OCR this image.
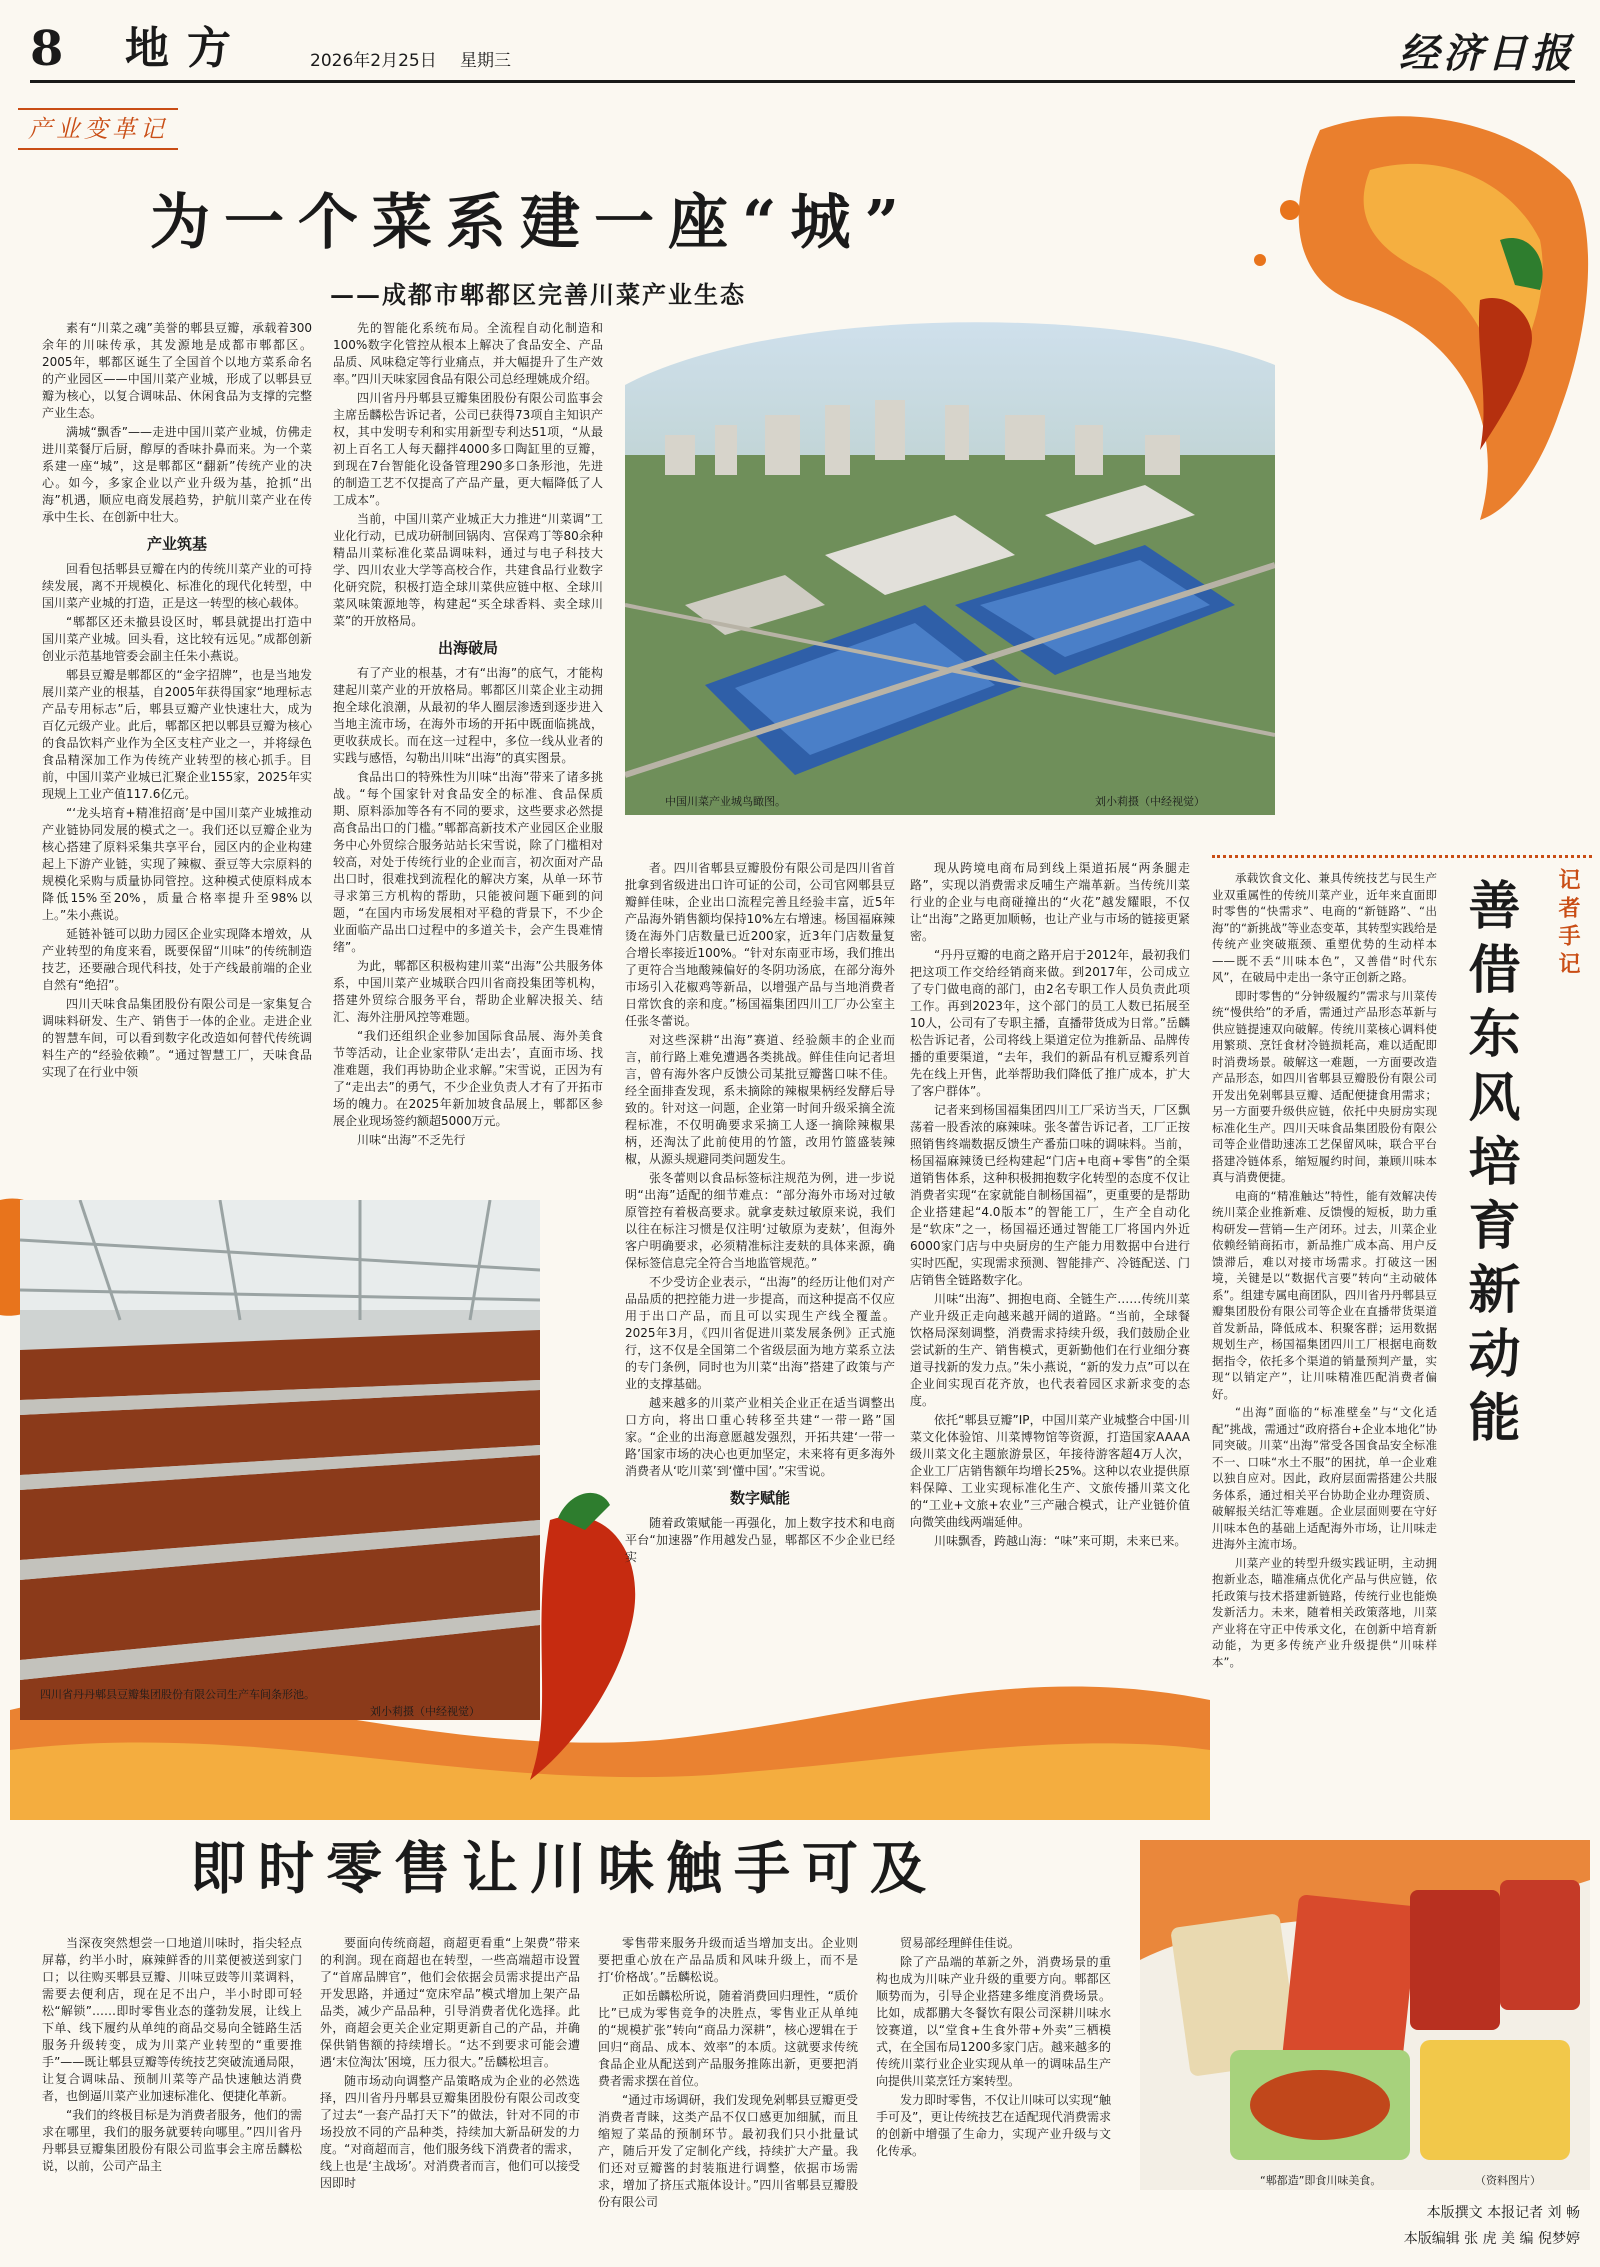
8 地方	2026年2月25日 星期三	经济日报
产业变革记
为一个菜系建一座“城”
——成都市郫都区完善川菜产业生态
中国川菜产业城鸟瞰图。	刘小莉摄（中经视觉）

素有“川菜之魂”美誉的郫县豆瓣，承载着300余年的川味传承，其发源地是成都市郫都区。2005年，郫都区诞生了全国首个以地方菜系命名的产业园区——中国川菜产业城，形成了以郫县豆瓣为核心，以复合调味品、休闲食品为支撑的完整产业生态。

满城“飘香”——走进中国川菜产业城，仿佛走进川菜餐厅后厨，醇厚的香味扑鼻而来。为一个菜系建一座“城”，这是郫都区“翻新”传统产业的决心。如今，多家企业以产业升级为基，抢抓“出海”机遇，顺应电商发展趋势，护航川菜产业在传承中生长、在创新中壮大。

产业筑基

回看包括郫县豆瓣在内的传统川菜产业的可持续发展，离不开规模化、标准化的现代化转型，中国川菜产业城的打造，正是这一转型的核心载体。

“郫都区还未撤县设区时，郫县就提出打造中国川菜产业城。回头看，这比较有远见。”成都创新创业示范基地管委会副主任朱小燕说。

郫县豆瓣是郫都区的“金字招牌”，也是当地发展川菜产业的根基，自2005年获得国家“地理标志产品专用标志”后，郫县豆瓣产业快速壮大，成为百亿元级产业。此后，郫都区把以郫县豆瓣为核心的食品饮料产业作为全区支柱产业之一，并将绿色食品精深加工作为传统产业转型的核心抓手。目前，中国川菜产业城已汇聚企业155家，2025年实现规上工业产值117.6亿元。

“‘龙头培育+精准招商’是中国川菜产业城推动产业链协同发展的模式之一。我们还以豆瓣企业为核心搭建了原料采集共享平台，园区内的企业构建起上下游产业链，实现了辣椒、蚕豆等大宗原料的规模化采购与质量协同管控。这种模式使原料成本降低15%至20%，质量合格率提升至98%以上。”朱小燕说。

延链补链可以助力园区企业实现降本增效，从产业转型的角度来看，既要保留“川味”的传统制造技艺，还要融合现代科技，处于产线最前端的企业自然有“绝招”。

四川天味食品集团股份有限公司是一家集复合调味料研发、生产、销售于一体的企业。走进企业的智慧车间，可以看到数字化改造如何替代传统调料生产的“经验依赖”。“通过智慧工厂，天味食品实现了在行业中领

先的智能化系统布局。全流程自动化制造和100%数字化管控从根本上解决了食品安全、产品品质、风味稳定等行业痛点，并大幅提升了生产效率。”四川天味家园食品有限公司总经理姚成介绍。

四川省丹丹郫县豆瓣集团股份有限公司监事会主席岳麟松告诉记者，公司已获得73项自主知识产权，其中发明专利和实用新型专利达51项，“从最初上百名工人每天翻拌4000多口陶缸里的豆瓣，到现在7台智能化设备管理290多口条形池，先进的制造工艺不仅提高了产品产量，更大幅降低了人工成本”。

当前，中国川菜产业城正大力推进“川菜调”工业化行动，已成功研制回锅肉、宫保鸡丁等80余种精品川菜标准化菜品调味料，通过与电子科技大学、四川农业大学等高校合作，共建食品行业数字化研究院，积极打造全球川菜供应链中枢、全球川菜风味策源地等，构建起“买全球香料、卖全球川菜”的开放格局。

出海破局

有了产业的根基，才有“出海”的底气，才能构建起川菜产业的开放格局。郫都区川菜企业主动拥抱全球化浪潮，从最初的华人圈层渗透到逐步进入当地主流市场，在海外市场的开拓中既面临挑战，更收获成长。而在这一过程中，多位一线从业者的实践与感悟，勾勒出川味“出海”的真实图景。

食品出口的特殊性为川味“出海”带来了诸多挑战。“每个国家针对食品安全的标准、食品保质期、原料添加等各有不同的要求，这些要求必然提高食品出口的门槛。”郫都高新技术产业园区企业服务中心外贸综合服务站站长宋雪说，除了门槛相对较高，对处于传统行业的企业而言，初次面对产品出口时，很难找到流程化的解决方案，从单一环节寻求第三方机构的帮助，只能被问题下砸到的问题，“在国内市场发展相对平稳的背景下，不少企业面临产品出口过程中的多道关卡，会产生畏难情绪”。

为此，郫都区积极构建川菜“出海”公共服务体系，中国川菜产业城联合四川省商投集团等机构，搭建外贸综合服务平台，帮助企业解决报关、结汇、海外注册风控等难题。

“我们还组织企业参加国际食品展、海外美食节等活动，让企业家带队‘走出去’，直面市场、找准难题，我们再协助企业求解。”宋雪说，正因为有了“走出去”的勇气，不少企业负责人才有了开拓市场的魄力。在2025年新加坡食品展上，郫都区参展企业现场签约额超5000万元。

川味“出海”不乏先行

四川省丹丹郫县豆瓣集团股份有限公司生产车间条形池。
刘小莉摄（中经视觉）

者。四川省郫县豆瓣股份有限公司是四川省首批拿到省级进出口许可证的公司，公司官网郫县豆瓣鲜佳味，企业出口流程完善且经验丰富，近5年产品海外销售额均保持10%左右增速。杨国福麻辣烫在海外门店数量已近200家，近3年门店数量复合增长率接近100%。“针对东南亚市场，我们推出了更符合当地酸辣偏好的冬阴功汤底，在部分海外市场引入花椒鸡等新品，以增强产品与当地消费者日常饮食的亲和度。”杨国福集团四川工厂办公室主任张冬蕾说。

对这些深耕“出海”赛道、经验颇丰的企业而言，前行路上难免遭遇各类挑战。鲜佳佳向记者坦言，曾有海外客户反馈公司某批豆瓣酱口味不佳。经全面排查发现，系未摘除的辣椒果柄经发酵后导致的。针对这一问题，企业第一时间升级采摘全流程标准，不仅明确要求采摘工人逐一摘除辣椒果柄，还淘汰了此前使用的竹篮，改用竹篮盛装辣椒，从源头规避同类问题发生。

张冬蕾则以食品标签标注规范为例，进一步说明“出海”适配的细节难点：“部分海外市场对过敏原管控有着极高要求。就拿麦麸过敏原来说，我们以往在标注习惯是仅注明‘过敏原为麦麸’，但海外客户明确要求，必须精准标注麦麸的具体来源，确保标签信息完全符合当地监管规范。”

不少受访企业表示，“出海”的经历让他们对产品品质的把控能力进一步提高，而这种提高不仅应用于出口产品，而且可以实现生产线全覆盖。2025年3月，《四川省促进川菜发展条例》正式施行，这不仅是全国第二个省级层面为地方菜系立法的专门条例，同时也为川菜“出海”搭建了政策与产业的支撑基础。

越来越多的川菜产业相关企业正在适当调整出口方向，将出口重心转移至共建“一带一路”国家。“企业的出海意愿越发强烈，开拓共建‘一带一路’国家市场的决心也更加坚定，未来将有更多海外消费者从‘吃川菜’到‘懂中国’。”宋雪说。

数字赋能

随着政策赋能一再强化，加上数字技术和电商平台“加速器”作用越发凸显，郫都区不少企业已经实

现从跨境电商布局到线上渠道拓展“两条腿走路”，实现以消费需求反哺生产端革新。当传统川菜行业的企业与电商碰撞出的“火花”越发耀眼，不仅让“出海”之路更加顺畅，也让产业与市场的链接更紧密。

“丹丹豆瓣的电商之路开启于2012年，最初我们把这项工作交给经销商来做。到2017年，公司成立了专门做电商的部门，由2名专职工作人员负责此项工作。再到2023年，这个部门的员工人数已拓展至10人，公司有了专职主播，直播带货成为日常。”岳麟松告诉记者，公司将线上渠道定位为推新品、品牌传播的重要渠道，“去年，我们的新品有机豆瓣系列首先在线上开售，此举帮助我们降低了推广成本，扩大了客户群体”。

记者来到杨国福集团四川工厂采访当天，厂区飘荡着一股香浓的麻辣味。张冬蕾告诉记者，工厂正按照销售终端数据反馈生产番茄口味的调味料。当前，杨国福麻辣烫已经构建起“门店+电商+零售”的全渠道销售体系，这种积极拥抱数字化转型的态度不仅让消费者实现“在家就能自制杨国福”，更重要的是帮助企业搭建起“4.0版本”的智能工厂，生产全自动化是“软床”之一，杨国福还通过智能工厂将国内外近6000家门店与中央厨房的生产能力用数据中台进行实时匹配，实现需求预测、智能排产、冷链配送、门店销售全链路数字化。

川味“出海”、拥抱电商、全链生产……传统川菜产业升级正走向越来越开阔的道路。“当前，全球餐饮格局深刻调整，消费需求持续升级，我们鼓励企业尝试新的生产、销售模式，更新勤他们在行业细分赛道寻找新的发力点。”朱小燕说，“新的发力点”可以在企业间实现百花齐放，也代表着园区求新求变的态度。

依托“郫县豆瓣”IP，中国川菜产业城整合中国·川菜文化体验馆、川菜博物馆等资源，打造国家AAAA级川菜文化主题旅游景区，年接待游客超4万人次，企业工厂店销售额年均增长25%。这种以农业提供原料保障、工业实现标准化生产、文旅传播川菜文化的“工业+文旅+农业”三产融合模式，让产业链价值向微笑曲线两端延伸。

川味飘香，跨越山海：“味”来可期，未来已来。

承载饮食文化、兼具传统技艺与民生产业双重属性的传统川菜产业，近年来直面即时零售的“快需求”、电商的“新链路”、“出海”的“新挑战”等业态变革，其转型实践给是传统产业突破瓶颈、重塑优势的生动样本——既不丢“川味本色”，又善借“时代东风”，在破局中走出一条守正创新之路。

即时零售的“分钟级履约”需求与川菜传统“慢供给”的矛盾，需通过产品形态革新与供应链提速双向破解。传统川菜核心调料使用繁琐、烹饪食材冷链损耗高，难以适配即时消费场景。破解这一难题，一方面要改造产品形态，如四川省郫县豆瓣股份有限公司开发出免剁郫县豆瓣、适配便捷食用需求；另一方面要升级供应链，依托中央厨房实现标准化生产。四川天味食品集团股份有限公司等企业借助速冻工艺保留风味，联合平台搭建冷链体系，缩短履约时间，兼顾川味本真与消费便捷。

电商的“精准触达”特性，能有效解决传统川菜企业推新难、反馈慢的短板，助力重构研发—营销—生产闭环。过去，川菜企业依赖经销商拓市，新品推广成本高、用户反馈滞后，难以对接市场需求。打破这一困境，关键是以“数据代言要”转向“主动破体系”。组建专属电商团队，四川省丹丹郫县豆瓣集团股份有限公司等企业在直播带货渠道首发新品，降低成本、积聚客群；运用数据规划生产，杨国福集团四川工厂根据电商数据指令，依托多个渠道的销量预判产量，实现“以销定产”，让川味精准匹配消费者偏好。

“出海”面临的“标准壁垒”与“文化适配”挑战，需通过“政府搭台+企业本地化”协同突破。川菜“出海”常受各国食品安全标准不一、口味“水土不服”的困扰，单一企业难以独自应对。因此，政府层面需搭建公共服务体系，通过相关平台协助企业办理资质、破解报关结汇等难题。企业层面则要在守好川味本色的基础上适配海外市场，让川味走进海外主流市场。

川菜产业的转型升级实践证明，主动拥抱新业态，瞄准痛点优化产品与供应链，依托政策与技术搭建新链路，传统行业也能焕发新活力。未来，随着相关政策落地，川菜产业将在守正中传承文化，在创新中培育新动能，为更多传统产业升级提供“川味样本”。

善借东风培育新动能	记者手记
即时零售让川味触手可及

当深夜突然想尝一口地道川味时，指尖轻点屏幕，约半小时，麻辣鲜香的川菜便被送到家门口；以往购买郫县豆瓣、川味豆豉等川菜调料，需要去便利店，现在足不出户，半小时即可轻松“解锁”……即时零售业态的蓬勃发展，让线上下单、线下履约从单纯的商品交易向全链路生活服务升级转变，成为川菜产业转型的“重要推手”——既让郫县豆瓣等传统技艺突破流通局限，让复合调味品、预制川菜等产品快速触达消费者，也倒逼川菜产业加速标准化、便捷化革新。

“我们的终极目标是为消费者服务，他们的需求在哪里，我们的服务就要转向哪里。”四川省丹丹郫县豆瓣集团股份有限公司监事会主席岳麟松说，以前，公司产品主

要面向传统商超，商超更看重“上架费”带来的利润。现在商超也在转型，一些高端超市设置了“首席品牌官”，他们会依据会员需求提出产品开发思路，并通过“宽床窄品”模式增加上架产品品类，减少产品品种，引导消费者优化选择。此外，商超会更关企业定期更新自己的产品，并确保供销售额的持续增长。“达不到要求可能会遭遇‘末位淘汰’困境，压力很大。”岳麟松坦言。

随市场动向调整产品策略成为企业的必然选择，四川省丹丹郫县豆瓣集团股份有限公司改变了过去“一套产品打天下”的做法，针对不同的市场投放不同的产品种类，持续加大新品研发的力度。“对商超而言，他们服务线下消费者的需求，线上也是‘主战场’。对消费者而言，他们可以接受因即时

零售带来服务升级而适当增加支出。企业则要把重心放在产品品质和风味升级上，而不是打‘价格战’。”岳麟松说。

正如岳麟松所说，随着消费回归理性，“质价比”已成为零售竞争的决胜点，零售业正从单纯的“规模扩张”转向“商品力深耕”，核心逻辑在于回归“商品、成本、效率”的本质。这就要求传统食品企业从配送到产品服务推陈出新，更要把消费者需求摆在首位。

“通过市场调研，我们发现免剁郫县豆瓣更受消费者青睐，这类产品不仅口感更加细腻，而且缩短了菜品的预制环节。最初我们只小批量试产，随后开发了定制化产线，持续扩大产量。我们还对豆瓣酱的封装瓶进行调整，依据市场需求，增加了挤压式瓶体设计。”四川省郫县豆瓣股份有限公司

贸易部经理鲜佳佳说。

除了产品端的革新之外，消费场景的重构也成为川味产业升级的重要方向。郫都区顺势而为，引导企业搭建多维度消费场景。比如，成都鹏大冬餐饮有限公司深耕川味水饺赛道，以“堂食+生食外带+外卖”三栖模式，在全国布局1200多家门店。越来越多的传统川菜行业企业实现从单一的调味品生产向提供川菜烹饪方案转型。

发力即时零售，不仅让川味可以实现“触手可及”，更让传统技艺在适配现代消费需求的创新中增强了生命力，实现产业升级与文化传承。

“郫都造”即食川味美食。	（资料图片）
本版撰文 本报记者 刘 畅
本版编辑 张 虎 美 编 倪梦婷
